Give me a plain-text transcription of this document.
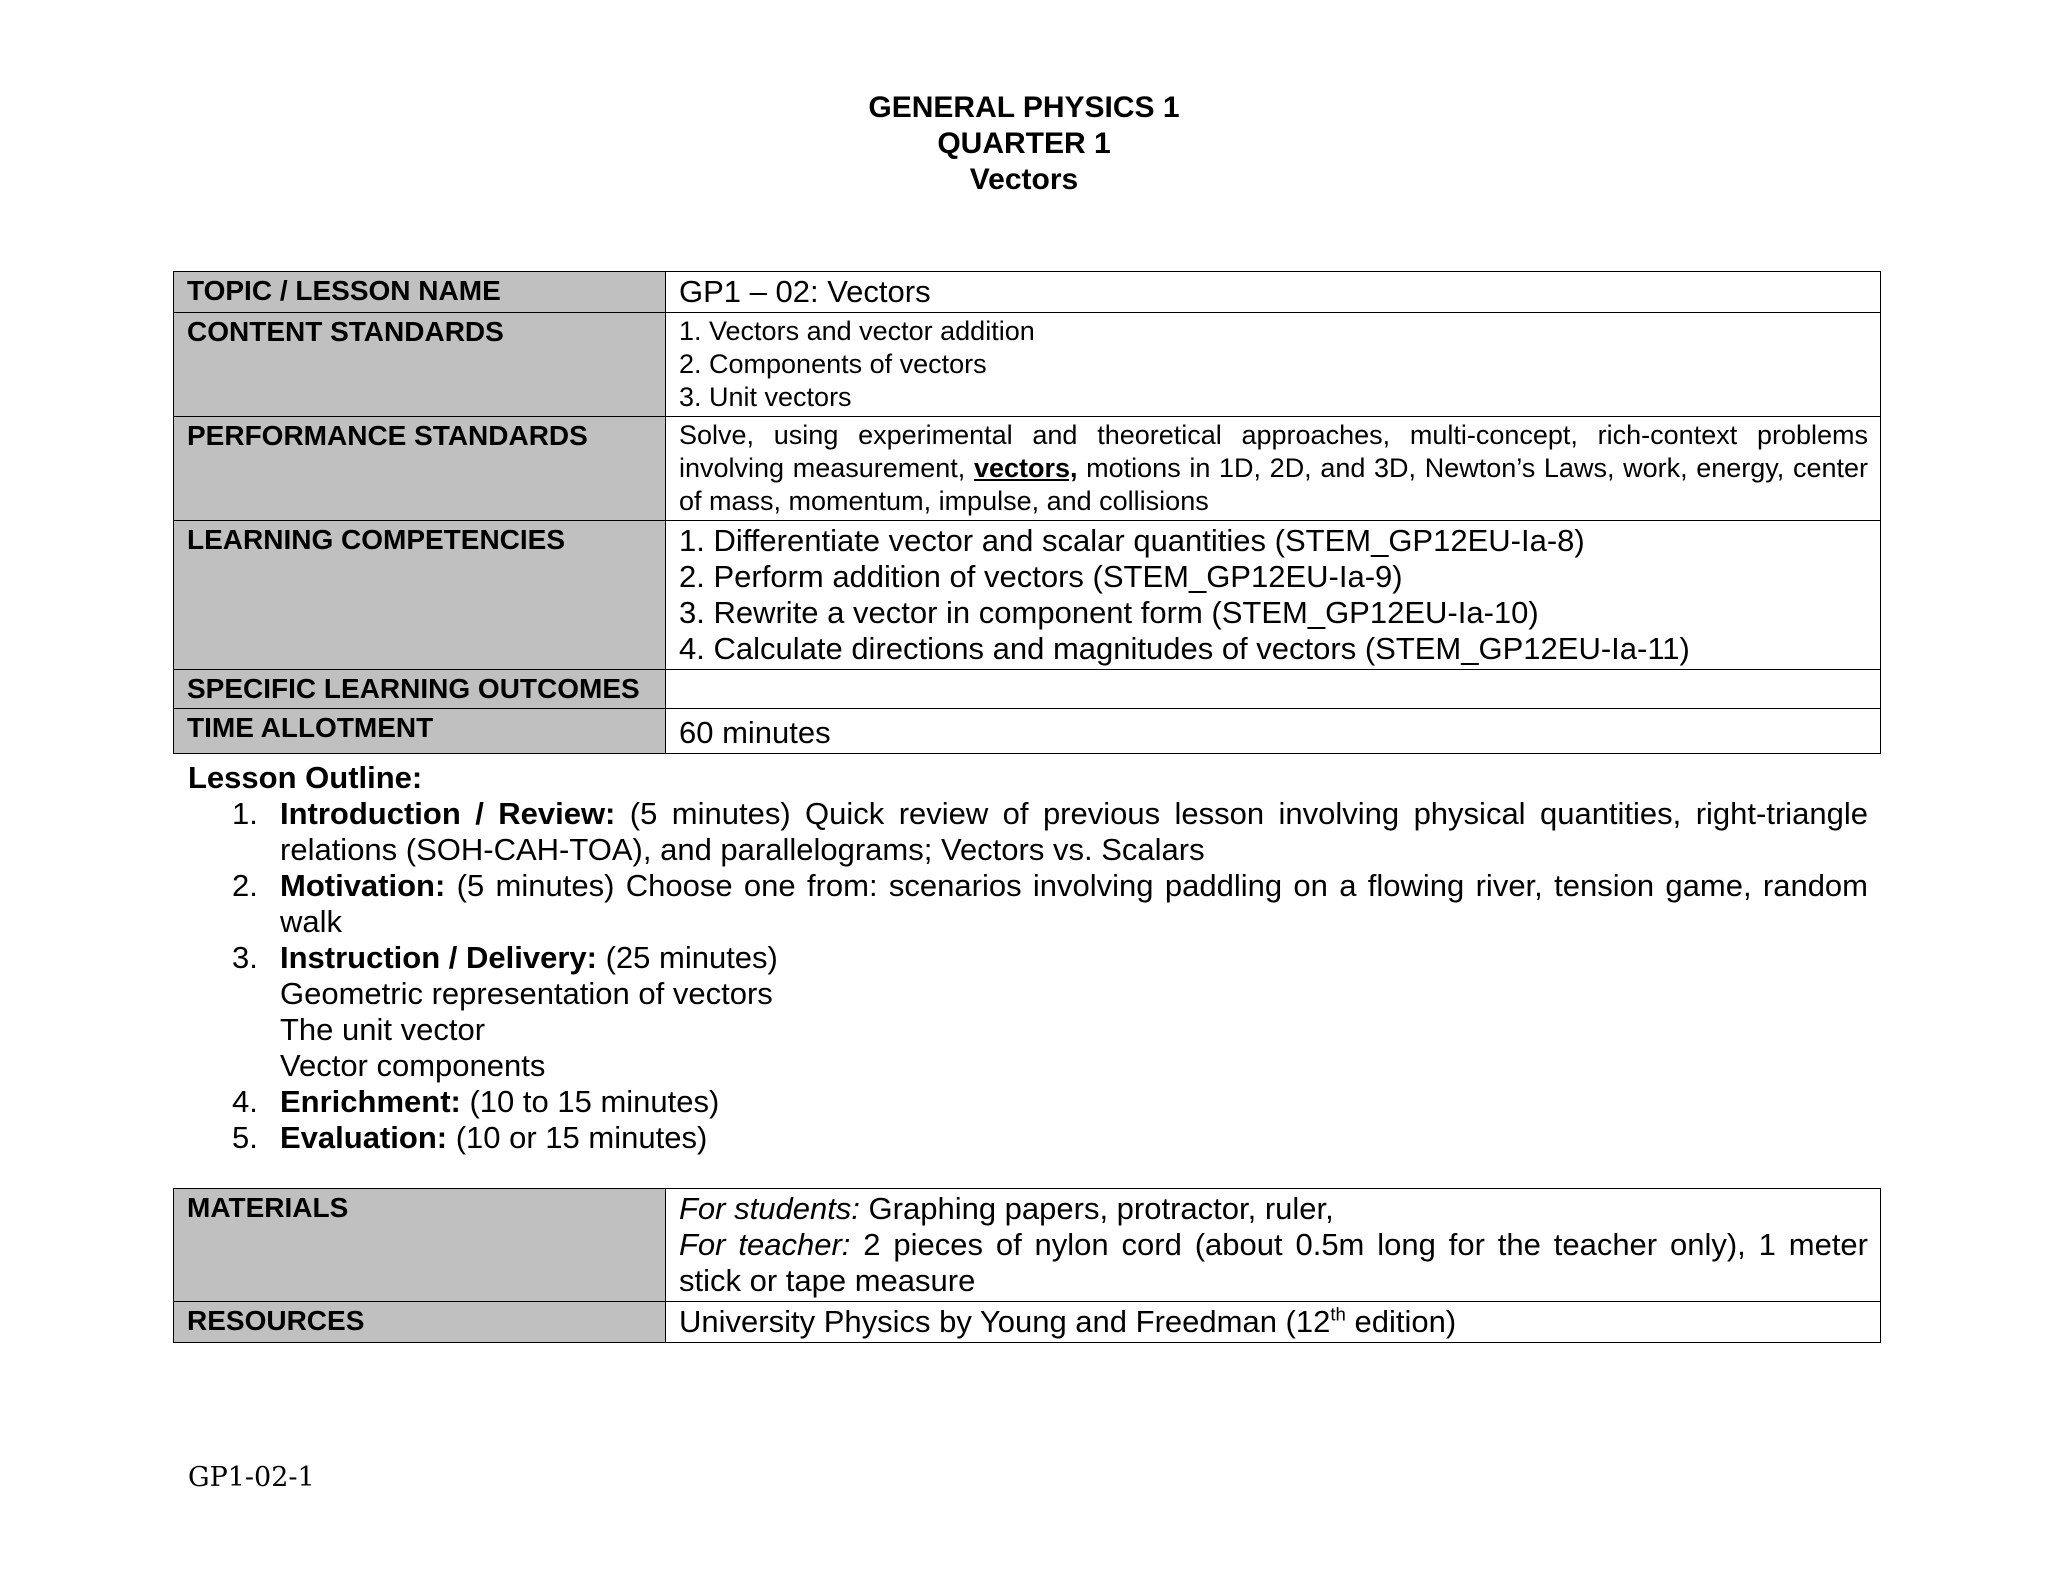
GENERAL PHYSICS 1
QUARTER 1
Vectors
TOPIC / LESSON NAME	GP1 – 02: Vectors
CONTENT STANDARDS	1. Vectors and vector addition
2. Components of vectors
3. Unit vectors

PERFORMANCE STANDARDS	Solve, using experimental and theoretical approaches, multi-concept, rich-context problems involving measurement, vectors, motions in 1D, 2D, and 3D, Newton’s Laws, work, energy, center of mass, momentum, impulse, and collisions
LEARNING COMPETENCIES	1. Differentiate vector and scalar quantities (STEM_GP12EU-Ia-8)
2. Perform addition of vectors (STEM_GP12EU-Ia-9)
3. Rewrite a vector in component form (STEM_GP12EU-Ia-10)
4. Calculate directions and magnitudes of vectors (STEM_GP12EU-Ia-11)

SPECIFIC LEARNING OUTCOMES	
TIME ALLOTMENT	60 minutes
Lesson Outline:
1. Introduction / Review: (5 minutes) Quick review of previous lesson involving physical quantities, right-triangle relations (SOH-CAH-TOA), and parallelograms; Vectors vs. Scalars
2. Motivation: (5 minutes) Choose one from: scenarios involving paddling on a flowing river, tension game, random walk
3. Instruction / Delivery: (25 minutes)
Geometric representation of vectors
The unit vector
Vector components
4. Enrichment: (10 to 15 minutes)
5. Evaluation: (10 or 15 minutes)
MATERIALS	For students: Graphing papers, protractor, ruler,
For teacher: 2 pieces of nylon cord (about 0.5m long for the teacher only), 1 meter stick or tape measure

RESOURCES	University Physics by Young and Freedman (12th edition)
GP1-02-1
